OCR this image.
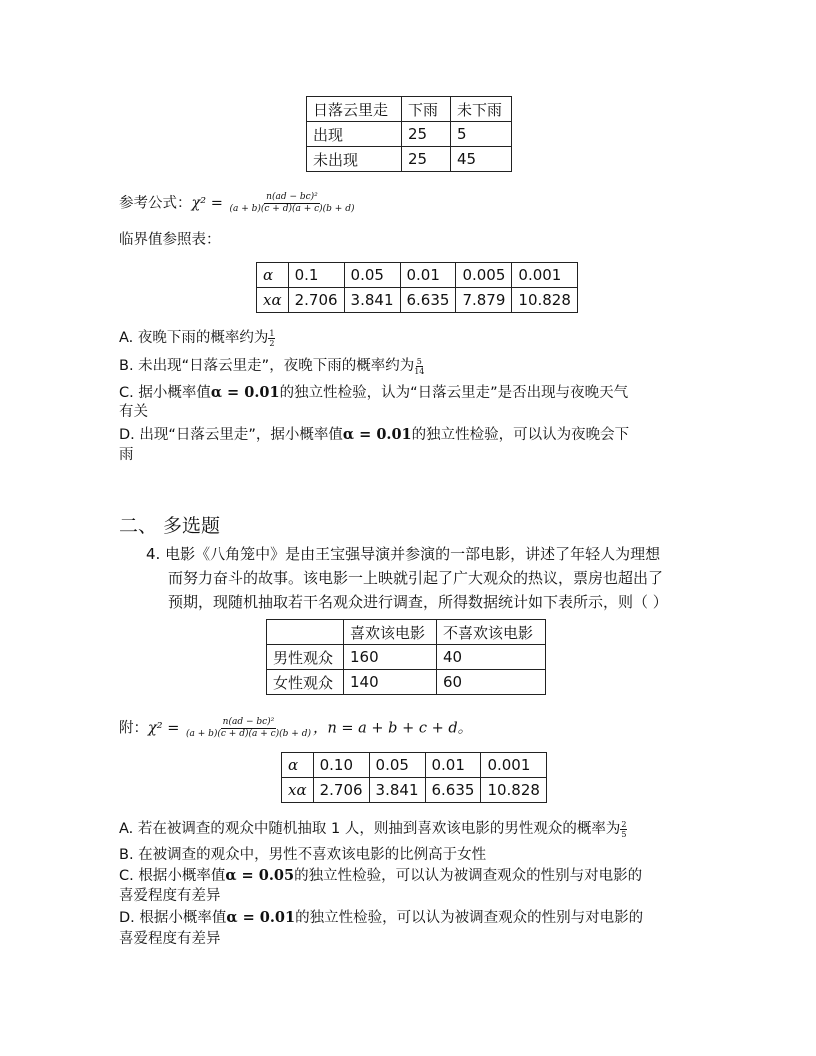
日落云里走	下雨	未下雨
出现	25	5
未出现	25	45
参考公式：$\chi^2 = \frac{\text{n(ad − bc)²}}{(a + b)(c + d)(a + c)(b + d)}$
临界值参照表：
α	0.1	0.05	0.01	0.005	0.001
xα	2.706	3.841	6.635	7.879	10.828
A. 夜晚下雨的概率约为 $\frac{1}{2}$
B. 未出现“日落云里走”，夜晚下雨的概率约为 $\frac{5}{14}$
C. 据小概率值α = 0.01的独立性检验，认为“日落云里走”是否出现与夜晚天气
有关
D. 出现“日落云里走”，据小概率值α = 0.01的独立性检验，可以认为夜晚会下
雨
二、 多选题
4. 电影《八角笼中》是由王宝强导演并参演的一部电影，讲述了年轻人为理想
而努力奋斗的故事。该电影一上映就引起了广大观众的热议，票房也超出了
预期，现随机抽取若干名观众进行调查，所得数据统计如下表所示，则（ ）
	喜欢该电影	不喜欢该电影
男性观众	160	40
女性观众	140	60
附：$\chi^2 = \frac{\text{n(ad − bc)²}}{(a + b)(c + d)(a + c)(b + d)}$ ，n = a + b + c + d。
α	0.10	0.05	0.01	0.001
xα	2.706	3.841	6.635	10.828
A. 若在被调查的观众中随机抽取 1 人，则抽到喜欢该电影的男性观众的概率为 $\frac{2}{5}$
B. 在被调查的观众中，男性不喜欢该电影的比例高于女性
C. 根据小概率值α = 0.05的独立性检验，可以认为被调查观众的性别与对电影的
喜爱程度有差异
D. 根据小概率值α = 0.01的独立性检验，可以认为被调查观众的性别与对电影的
喜爱程度有差异
